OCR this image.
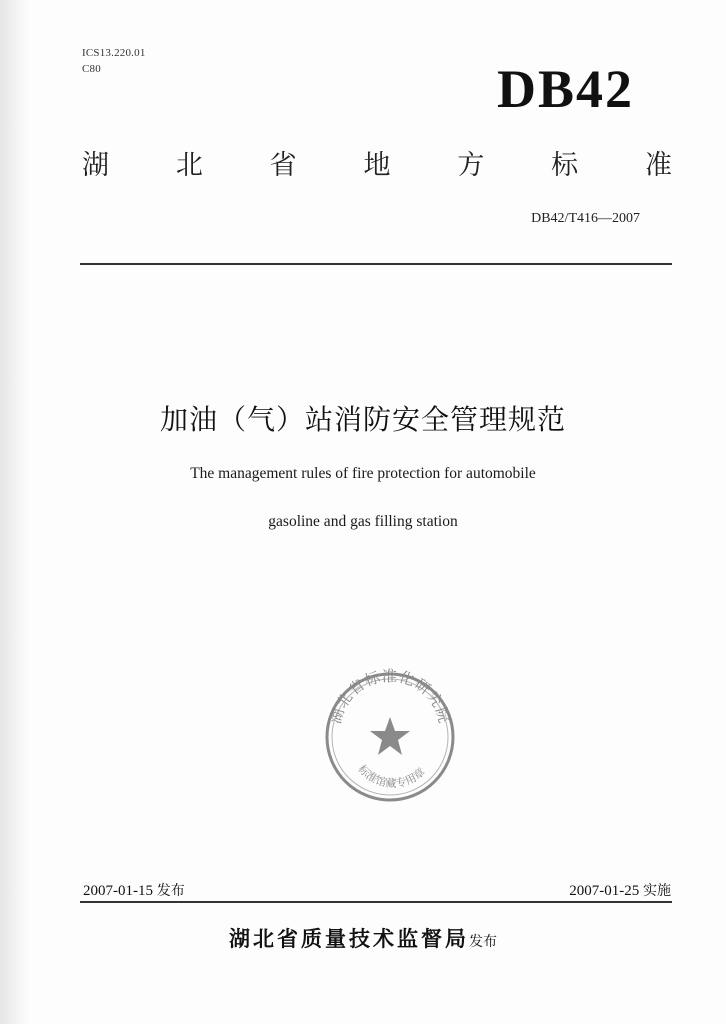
ICS13.220.01
C80	DB42
湖 北 省 地 方 标 准
DB42/T416—2007
加油（气）站消防安全管理规范
The management rules of fire protection for automobile
gasoline and gas filling station
湖北省标准化研究院
标准馆藏专用章
2007-01-15 发布	2007-01-25 实施
湖北省质量技术监督局发布
